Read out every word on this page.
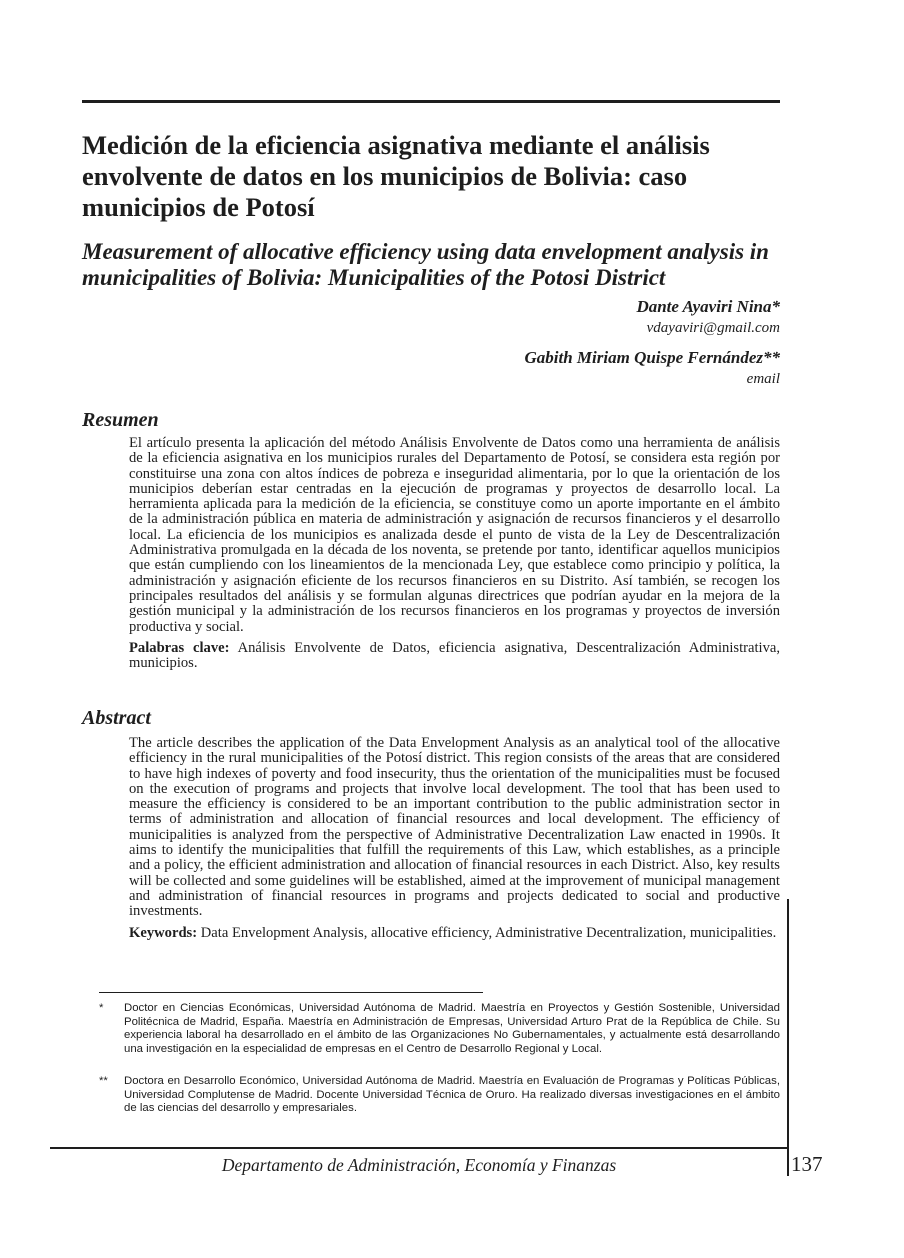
Medición de la eficiencia asignativa mediante el análisis envolvente de datos en los municipios de Bolivia: caso municipios de Potosí
Measurement of allocative efficiency using data envelopment analysis in municipalities of Bolivia: Municipalities of the Potosi District
Dante Ayaviri Nina*
vdayaviri@gmail.com
Gabith Miriam Quispe Fernández**
email
Resumen

El artículo presenta la aplicación del método Análisis Envolvente de Datos como una herramienta de análisis de la eficiencia asignativa en los municipios rurales del Departamento de Potosí, se considera esta región por constituirse una zona con altos índices de pobreza e inseguridad alimentaria, por lo que la orientación de los municipios deberían estar centradas en la ejecución de programas y proyectos de desarrollo local. La herramienta aplicada para la medición de la eficiencia, se constituye como un aporte importante en el ámbito de la administración pública en materia de administración y asignación de recursos financieros y el desarrollo local. La eficiencia de los municipios es analizada desde el punto de vista de la Ley de Descentralización Administrativa promulgada en la década de los noventa, se pretende por tanto, identificar aquellos municipios que están cumpliendo con los lineamientos de la mencionada Ley, que establece como principio y política, la administración y asignación eficiente de los recursos financieros en su Distrito. Así también, se recogen los principales resultados del análisis y se formulan algunas directrices que podrían ayudar en la mejora de la gestión municipal y la administración de los recursos financieros en los programas y proyectos de inversión productiva y social.

Palabras clave: Análisis Envolvente de Datos, eficiencia asignativa, Descentralización Administrativa, municipios.

Abstract

The article describes the application of the Data Envelopment Analysis as an analytical tool of the allocative efficiency in the rural municipalities of the Potosí district. This region consists of the areas that are considered to have high indexes of poverty and food insecurity, thus the orientation of the municipalities must be focused on the execution of programs and projects that involve local development. The tool that has been used to measure the efficiency is considered to be an important contribution to the public administration sector in terms of administration and allocation of financial resources and local development. The efficiency of municipalities is analyzed from the perspective of Administrative Decentralization Law enacted in 1990s. It aims to identify the municipalities that fulfill the requirements of this Law, which establishes, as a principle and a policy, the efficient administration and allocation of financial resources in each District. Also, key results will be collected and some guidelines will be established, aimed at the improvement of municipal management and administration of financial resources in programs and projects dedicated to social and productive investments.

Keywords: Data Envelopment Analysis, allocative efficiency, Administrative Decentralization, municipalities.

* Doctor en Ciencias Económicas, Universidad Autónoma de Madrid. Maestría en Proyectos y Gestión Sostenible, Universidad Politécnica de Madrid, España. Maestría en Administración de Empresas, Universidad Arturo Prat de la República de Chile. Su experiencia laboral ha desarrollado en el ámbito de las Organizaciones No Gubernamentales, y actualmente está desarrollando una investigación en la especialidad de empresas en el Centro de Desarrollo Regional y Local.
** Doctora en Desarrollo Económico, Universidad Autónoma de Madrid. Maestría en Evaluación de Programas y Políticas Públicas, Universidad Complutense de Madrid. Docente Universidad Técnica de Oruro. Ha realizado diversas investigaciones en el ámbito de las ciencias del desarrollo y empresariales.
Departamento de Administración, Economía y Finanzas	137
